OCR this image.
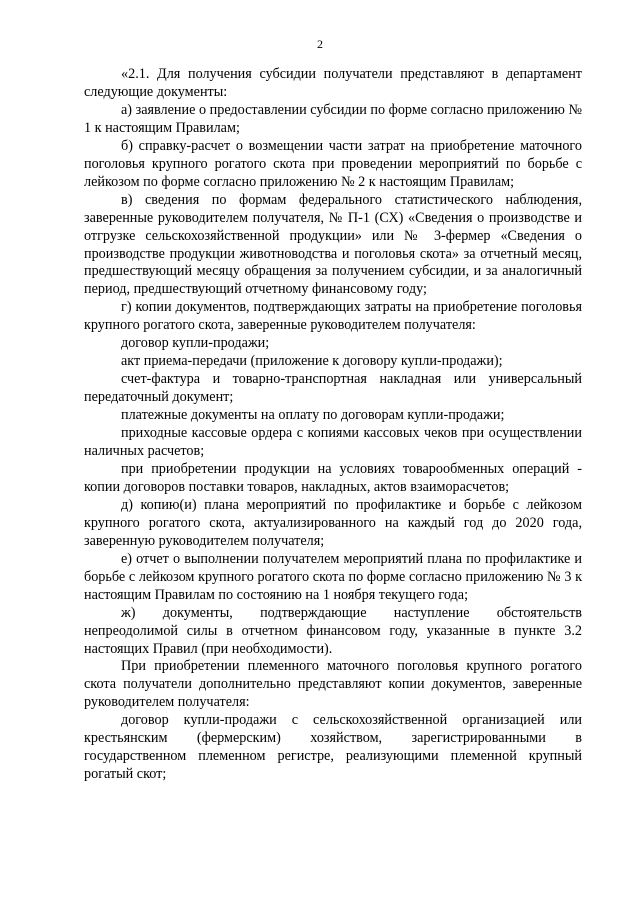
2

«2.1. Для получения субсидии получатели представляют в департамент следующие документы:

а) заявление о предоставлении субсидии по форме согласно приложению № 1 к настоящим Правилам;

б) справку-расчет о возмещении части затрат на приобретение маточного поголовья крупного рогатого скота при проведении мероприятий по борьбе с лейкозом по форме согласно приложению № 2 к настоящим Правилам;

в) сведения по формам федерального статистического наблюдения, заверенные руководителем получателя, № П-1 (СХ) «Сведения о производстве и отгрузке сельскохозяйственной продукции» или № 3-фермер «Сведения о производстве продукции животноводства и поголовья скота» за отчетный месяц, предшествующий месяцу обращения за получением субсидии, и за аналогичный период, предшествующий отчетному финансовому году;

г) копии документов, подтверждающих затраты на приобретение поголовья крупного рогатого скота, заверенные руководителем получателя:

договор купли-продажи;

акт приема-передачи (приложение к договору купли-продажи);

счет-фактура и товарно-транспортная накладная или универсальный передаточный документ;

платежные документы на оплату по договорам купли-продажи;

приходные кассовые ордера с копиями кассовых чеков при осуществлении наличных расчетов;

при приобретении продукции на условиях товарообменных операций - копии договоров поставки товаров, накладных, актов взаиморасчетов;

д) копию(и) плана мероприятий по профилактике и борьбе с лейкозом крупного рогатого скота, актуализированного на каждый год до 2020 года, заверенную руководителем получателя;

е) отчет о выполнении получателем мероприятий плана по профилактике и борьбе с лейкозом крупного рогатого скота по форме согласно приложению № 3 к настоящим Правилам по состоянию на 1 ноября текущего года;

ж) документы, подтверждающие наступление обстоятельств непреодолимой силы в отчетном финансовом году, указанные в пункте 3.2 настоящих Правил (при необходимости).

При приобретении племенного маточного поголовья крупного рогатого скота получатели дополнительно представляют копии документов, заверенные руководителем получателя:

договор купли-продажи с сельскохозяйственной организацией или крестьянским (фермерским) хозяйством, зарегистрированными в государственном племенном регистре, реализующими племенной крупный рогатый скот;
